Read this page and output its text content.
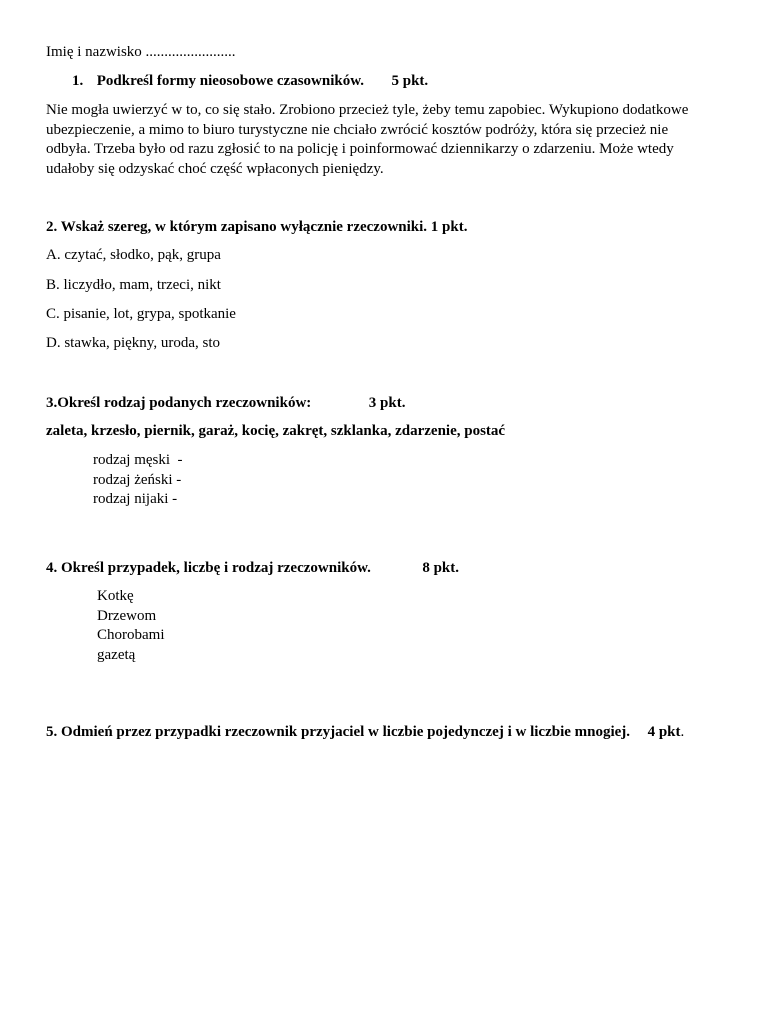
Imię i nazwisko ........................
1. Podkreśl formy nieosobowe czasowników. 5 pkt.
Nie mogła uwierzyć w to, co się stało. Zrobiono przecież tyle, żeby temu zapobiec. Wykupiono dodatkowe
ubezpieczenie, a mimo to biuro turystyczne nie chciało zwrócić kosztów podróży, która się przecież nie
odbyła. Trzeba było od razu zgłosić to na policję i poinformować dziennikarzy o zdarzeniu. Może wtedy
udałoby się odzyskać choć część wpłaconych pieniędzy.
2. Wskaż szereg, w którym zapisano wyłącznie rzeczowniki. 1 pkt.
A. czytać, słodko, pąk, grupa
B. liczydło, mam, trzeci, nikt
C. pisanie, lot, grypa, spotkanie
D. stawka, piękny, uroda, sto
3.Określ rodzaj podanych rzeczowników:	3 pkt.
zaleta, krzesło, piernik, garaż, kocię, zakręt, szklanka, zdarzenie, postać
rodzaj męski  -
rodzaj żeński -
rodzaj nijaki -
4. Określ przypadek, liczbę i rodzaj rzeczowników.	8 pkt.
Kotkę
Drzewom
Chorobami
gazetą
5. Odmień przez przypadki rzeczownik przyjaciel w liczbie pojedynczej i w liczbie mnogiej. 4 pkt.
